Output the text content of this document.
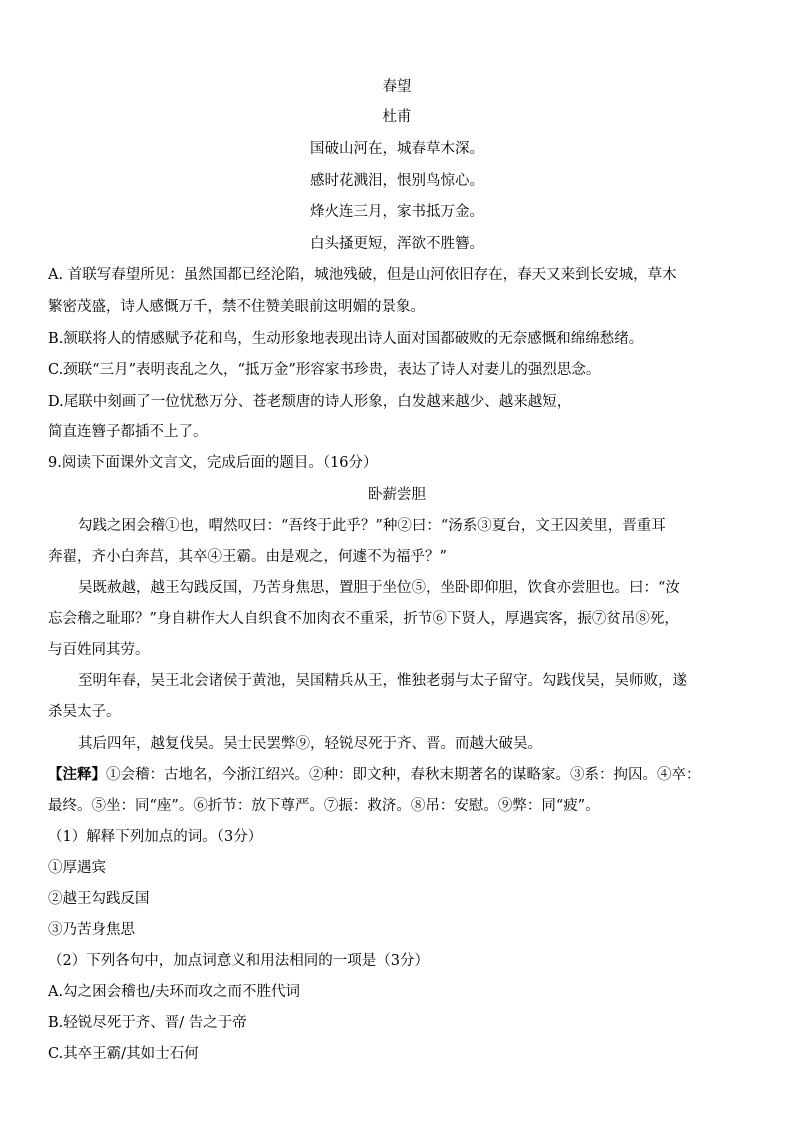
春望
杜甫
国破山河在，城春草木深。
感时花溅泪，恨别鸟惊心。
烽火连三月，家书抵万金。
白头搔更短，浑欲不胜簪。
A. 首联写春望所见：虽然国都已经沦陷，城池残破，但是山河依旧存在，春天又来到长安城，草木
繁密茂盛，诗人感慨万千，禁不住赞美眼前这明媚的景象。
B.颔联将人的情感赋予花和鸟，生动形象地表现出诗人面对国都破败的无奈感慨和绵绵愁绪。
C.颈联“三月”表明丧乱之久，“抵万金”形容家书珍贵，表达了诗人对妻儿的强烈思念。
D.尾联中刻画了一位忧愁万分、苍老颓唐的诗人形象，白发越来越少、越来越短，
简直连簪子都插不上了。
9.阅读下面课外文言文，完成后面的题目。（16分）
卧薪尝胆
勾践之困会稽①也，喟然叹曰：“吾终于此乎？”种②曰：“汤系③夏台，文王囚羑里，晋重耳
奔翟，齐小白奔莒，其卒④王霸。由是观之，何遽不为福乎？”
吴既赦越，越王勾践反国，乃苦身焦思，置胆于坐位⑤，坐卧即仰胆，饮食亦尝胆也。曰：“汝
忘会稽之耻耶？”身自耕作大人自织食不加肉衣不重采，折节⑥下贤人，厚遇宾客，振⑦贫吊⑧死，
与百姓同其劳。
至明年春，吴王北会诸侯于黄池，吴国精兵从王，惟独老弱与太子留守。勾践伐吴，吴师败，遂
杀吴太子。
其后四年，越复伐吴。吴士民罢弊⑨，轻锐尽死于齐、晋。而越大破吴。
【注释】①会稽：古地名，今浙江绍兴。②种：即文种，春秋末期著名的谋略家。③系：拘囚。④卒：
最终。⑤坐：同“座”。⑥折节：放下尊严。⑦振：救济。⑧吊：安慰。⑨弊：同“疲”。
（1）解释下列加点的词。（3分）
①厚遇宾
②越王勾践反国
③乃苦身焦思
（2）下列各句中，加点词意义和用法相同的一项是（3分）
A.勾之困会稽也/夫环而攻之而不胜代词
B.轻锐尽死于齐、晋/ 告之于帝
C.其卒王霸/其如士石何
